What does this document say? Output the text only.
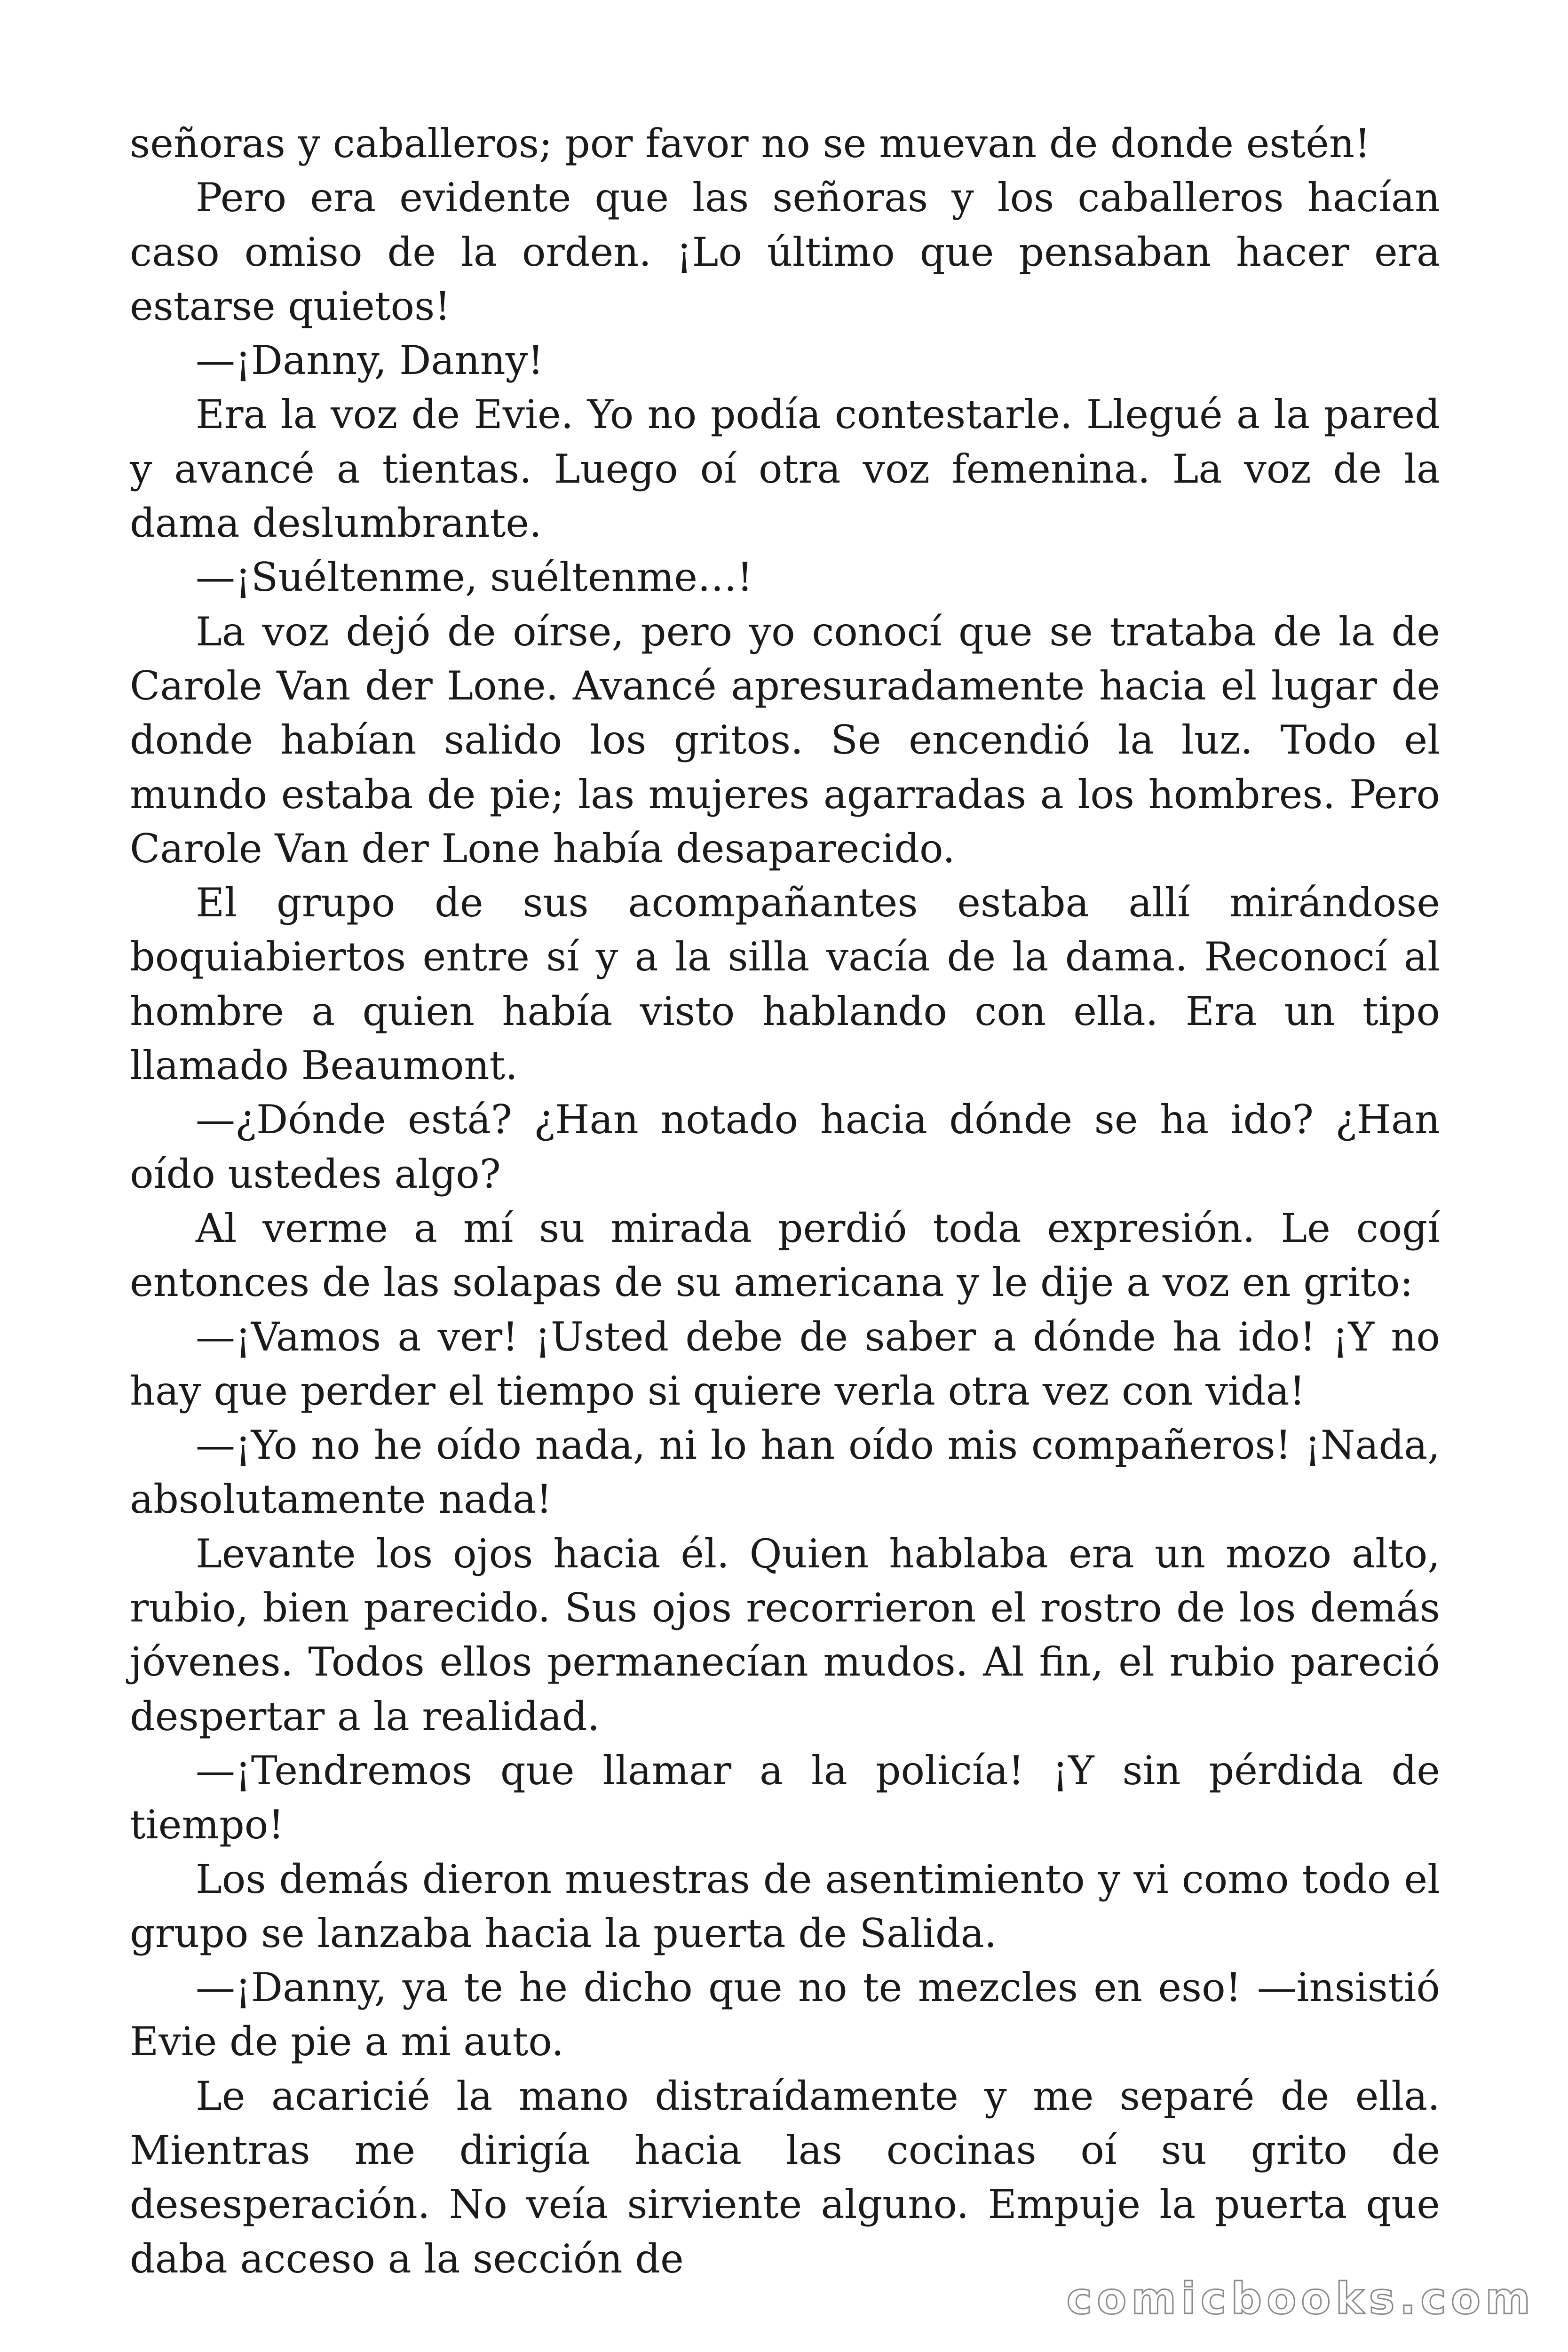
señoras y caballeros; por favor no se muevan de donde estén!

Pero era evidente que las señoras y los caballeros hacían caso omiso de la orden. ¡Lo último que pensaban hacer era estarse quietos!

—¡Danny, Danny!

Era la voz de Evie. Yo no podía contestarle. Llegué a la pared y avancé a tientas. Luego oí otra voz femenina. La voz de la dama deslumbrante.

—¡Suéltenme, suéltenme…!

La voz dejó de oírse, pero yo conocí que se trataba de la de Carole Van der Lone. Avancé apresuradamente hacia el lugar de donde habían salido los gritos. Se encendió la luz. Todo el mundo estaba de pie; las mujeres agarradas a los hombres. Pero Carole Van der Lone había desaparecido.

El grupo de sus acompañantes estaba allí mirándose boquiabiertos entre sí y a la silla vacía de la dama. Reconocí al hombre a quien había visto hablando con ella. Era un tipo llamado Beaumont.

—¿Dónde está? ¿Han notado hacia dónde se ha ido? ¿Han oído ustedes algo?

Al verme a mí su mirada perdió toda expresión. Le cogí entonces de las solapas de su americana y le dije a voz en grito:

—¡Vamos a ver! ¡Usted debe de saber a dónde ha ido! ¡Y no hay que perder el tiempo si quiere verla otra vez con vida!

—¡Yo no he oído nada, ni lo han oído mis compañeros! ¡Nada, absolutamente nada!

Levante los ojos hacia él. Quien hablaba era un mozo alto, rubio, bien parecido. Sus ojos recorrieron el rostro de los demás jóvenes. Todos ellos permanecían mudos. Al fin, el rubio pareció despertar a la realidad.

—¡Tendremos que llamar a la policía! ¡Y sin pérdida de tiempo!

Los demás dieron muestras de asentimiento y vi como todo el grupo se lanzaba hacia la puerta de Salida.

—¡Danny, ya te he dicho que no te mezcles en eso! —insistió Evie de pie a mi auto.

Le acaricié la mano distraídamente y me separé de ella. Mientras me dirigía hacia las cocinas oí su grito de desesperación. No veía sirviente alguno. Empuje la puerta que daba acceso a la sección de

comicbooks.com
